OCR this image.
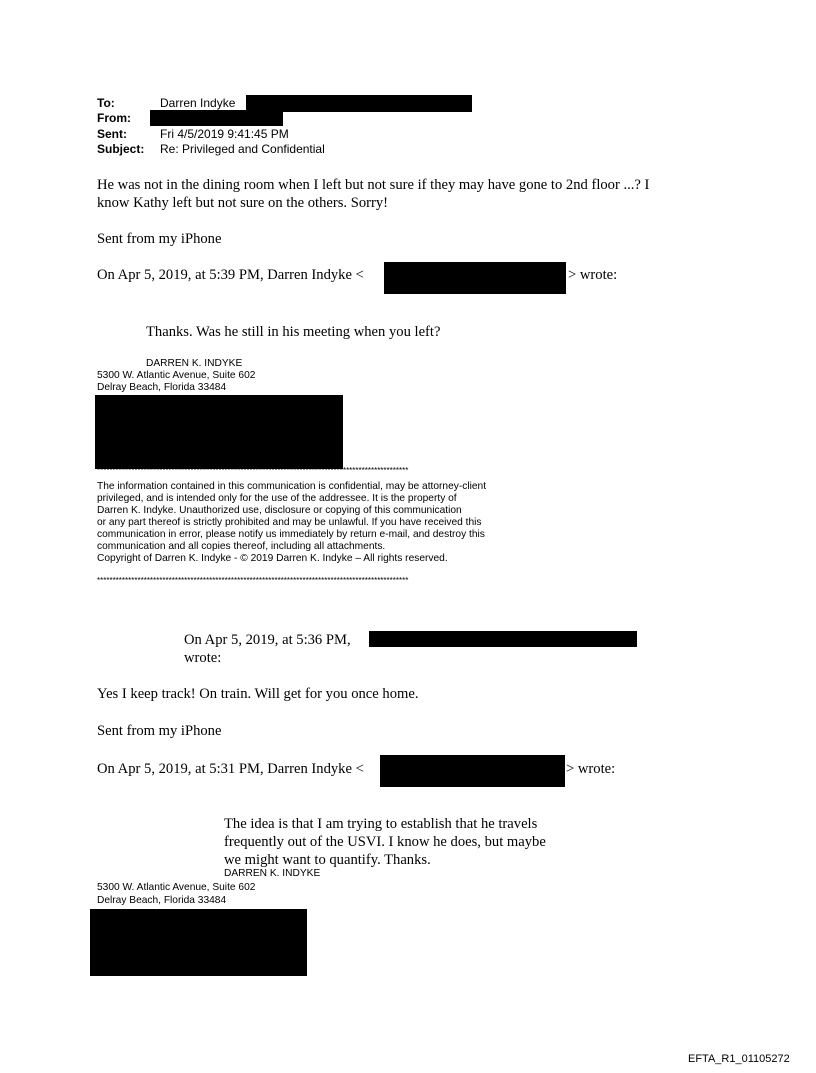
To:	Darren Indyke
From:
Sent:	Fri 4/5/2019 9:41:45 PM
Subject: Re: Privileged and Confidential
He was not in the dining room when I left but not sure if they may have gone to 2nd floor ...? I
know Kathy left but not sure on the others. Sorry!
Sent from my iPhone
On Apr 5, 2019, at 5:39 PM, Darren Indyke <	> wrote:
Thanks. Was he still in his meeting when you left?
DARREN K. INDYKE
5300 W. Atlantic Avenue, Suite 602
Delray Beach, Florida 33484
****************************************************************************************************
The information contained in this communication is confidential, may be attorney-client
privileged, and is intended only for the use of the addressee. It is the property of
Darren K. Indyke. Unauthorized use, disclosure or copying of this communication
or any part thereof is strictly prohibited and may be unlawful. If you have received this
communication in error, please notify us immediately by return e-mail, and destroy this
communication and all copies thereof, including all attachments.
Copyright of Darren K. Indyke - © 2019 Darren K. Indyke – All rights reserved.
****************************************************************************************************
On Apr 5, 2019, at 5:36 PM,
wrote:
Yes I keep track! On train. Will get for you once home.
Sent from my iPhone
On Apr 5, 2019, at 5:31 PM, Darren Indyke <	> wrote:
The idea is that I am trying to establish that he travels
frequently out of the USVI. I know he does, but maybe
we might want to quantify. Thanks.
DARREN K. INDYKE
5300 W. Atlantic Avenue, Suite 602
Delray Beach, Florida 33484
EFTA_R1_01105272
